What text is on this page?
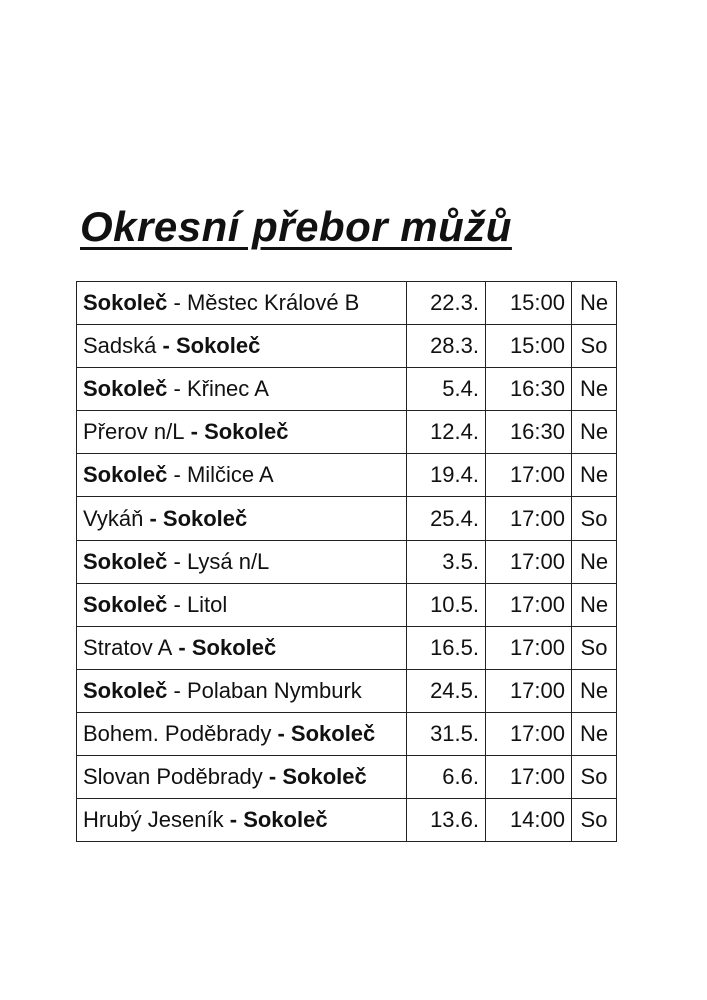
Okresní přebor můžů
Sokoleč - Městec Králové B	22.3.	15:00	Ne
Sadská - Sokoleč	28.3.	15:00	So
Sokoleč - Křinec A	5.4.	16:30	Ne
Přerov n/L - Sokoleč	12.4.	16:30	Ne
Sokoleč - Milčice A	19.4.	17:00	Ne
Vykáň - Sokoleč	25.4.	17:00	So
Sokoleč - Lysá n/L	3.5.	17:00	Ne
Sokoleč - Litol	10.5.	17:00	Ne
Stratov A - Sokoleč	16.5.	17:00	So
Sokoleč - Polaban Nymburk	24.5.	17:00	Ne
Bohem. Poděbrady - Sokoleč	31.5.	17:00	Ne
Slovan Poděbrady - Sokoleč	6.6.	17:00	So
Hrubý Jeseník - Sokoleč	13.6.	14:00	So
